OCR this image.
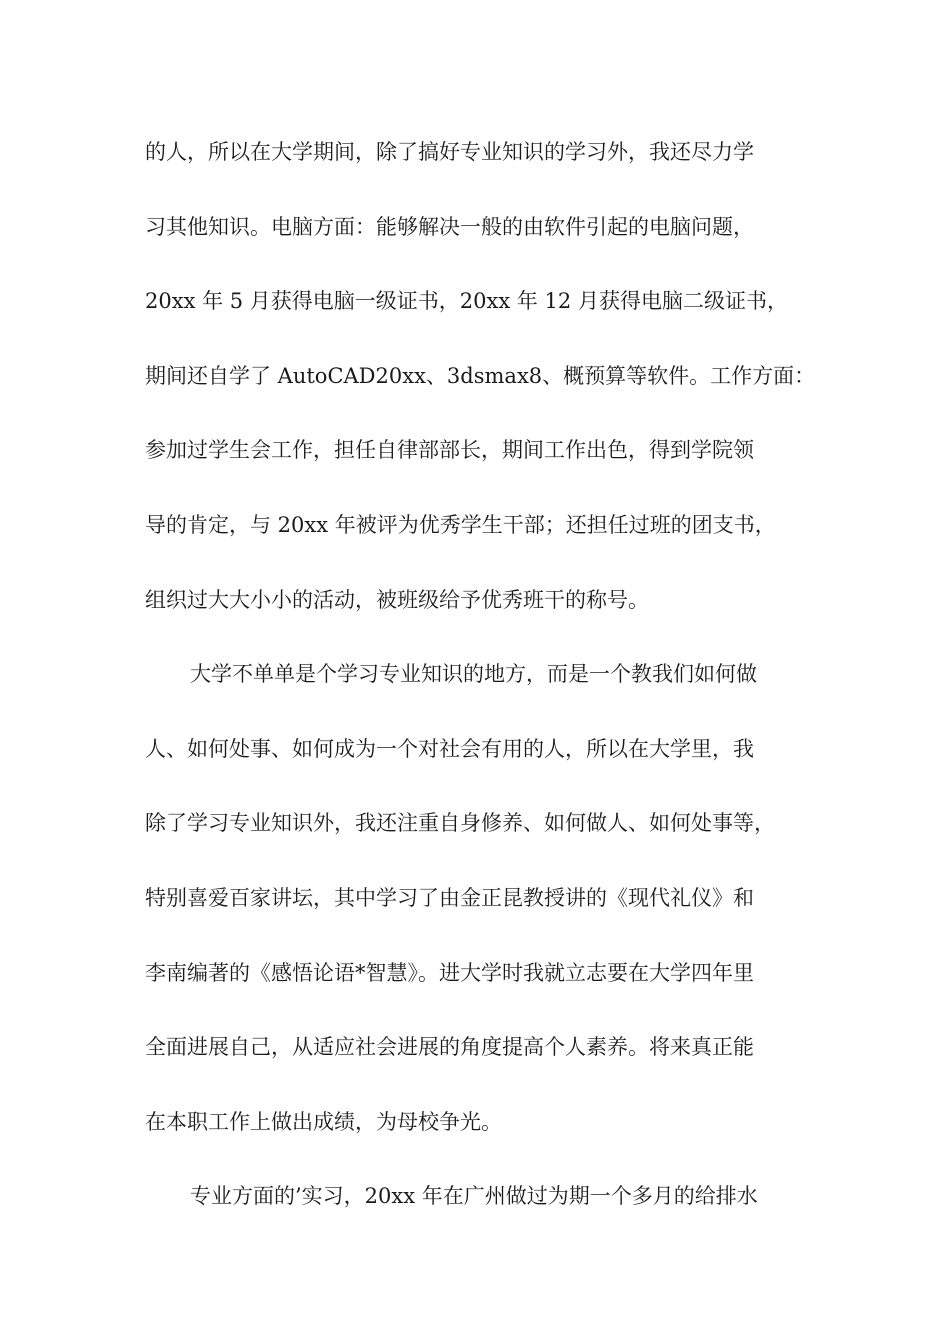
的人，所以在大学期间，除了搞好专业知识的学习外，我还尽力学
习其他知识。电脑方面：能够解决一般的由软件引起的电脑问题，
20xx 年 5 月获得电脑一级证书，20xx 年 12 月获得电脑二级证书，
期间还自学了 AutoCAD20xx、3dsmax8、概预算等软件。工作方面：
参加过学生会工作，担任自律部部长，期间工作出色，得到学院领
导的肯定，与 20xx 年被评为优秀学生干部；还担任过班的团支书，
组织过大大小小的活动，被班级给予优秀班干的称号。
大学不单单是个学习专业知识的地方，而是一个教我们如何做
人、如何处事、如何成为一个对社会有用的人，所以在大学里，我
除了学习专业知识外，我还注重自身修养、如何做人、如何处事等，
特别喜爱百家讲坛，其中学习了由金正昆教授讲的《现代礼仪》和
李南编著的《感悟论语*智慧》。进大学时我就立志要在大学四年里
全面进展自己，从适应社会进展的角度提高个人素养。将来真正能
在本职工作上做出成绩，为母校争光。
专业方面的’实习，20xx 年在广州做过为期一个多月的给排水
